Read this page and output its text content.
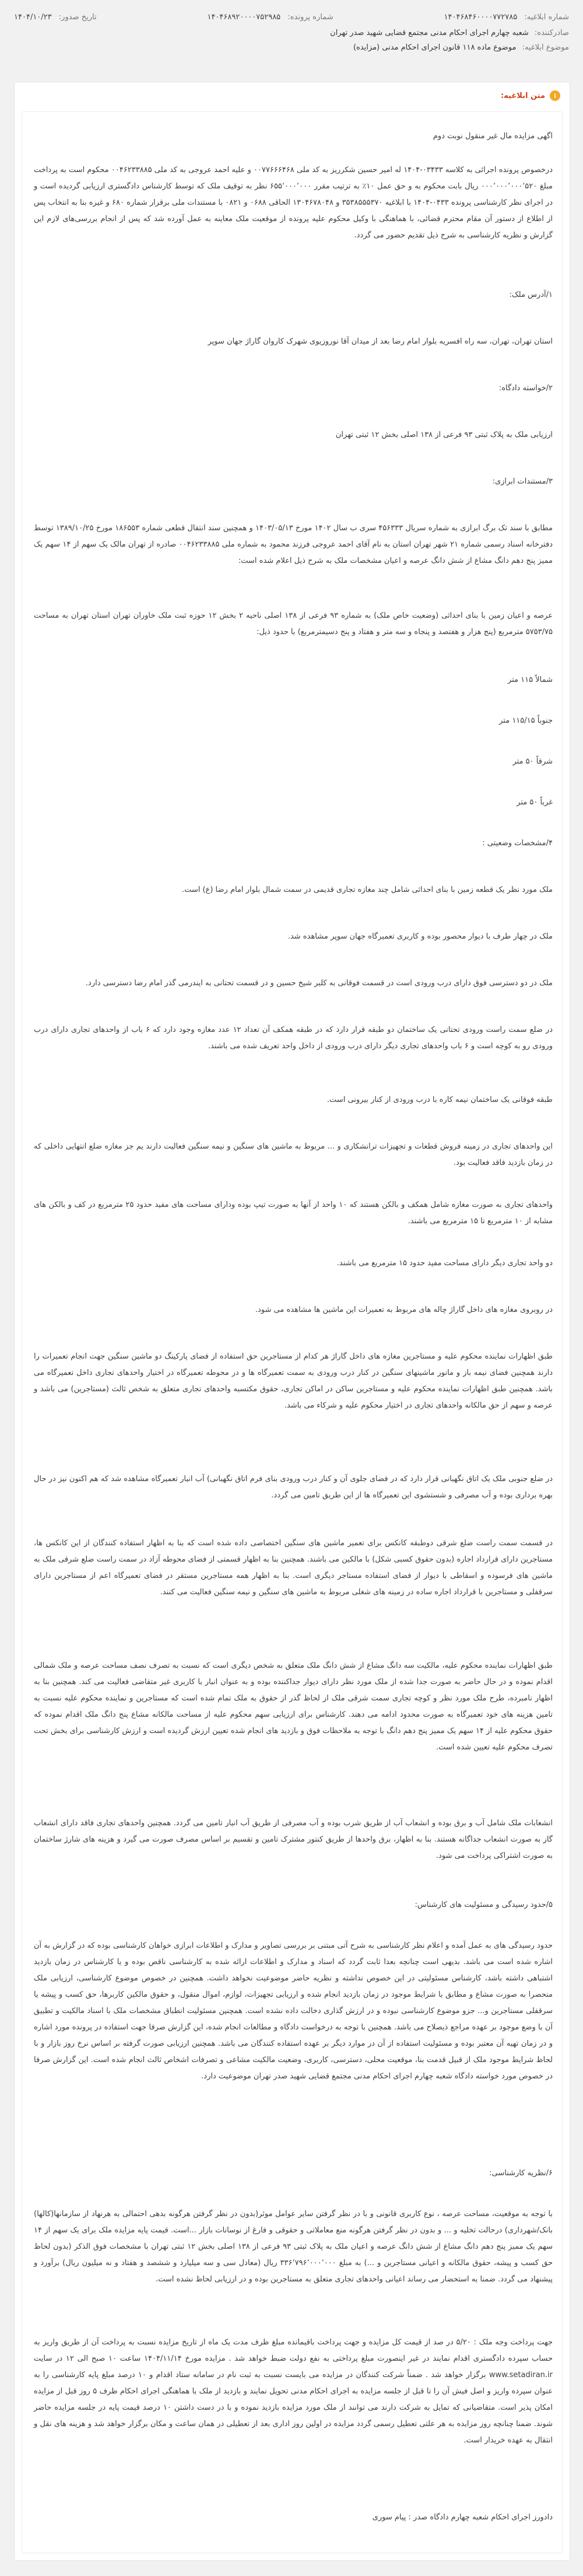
شماره ابلاغیه: ۱۴۰۴۶۸۴۶۰۰۰۰۷۷۲۷۸۵
شماره پرونده: ۱۴۰۴۶۸۹۲۰۰۰۰۷۵۲۹۸۵
تاریخ صدور: ۱۴۰۴/۱۰/۲۳
صادرکننده: شعبه چهارم اجرای احکام مدنی مجتمع قضایی شهید صدر تهران
موضوع ابلاغیه: موضوع ماده ۱۱۸ قانون اجرای احکام مدنی (مزایده)
i
متن ابلاغیه:
اگهی مزایده مال غیر منقول نوبت دوم
درخصوص پرونده اجرائی به کلاسه ۰۳۴۳۳-۱۴۰۴ له امیر حسین شکرریز به کد ملی ۰۰۷۷۶۶۶۴۶۸ و علیه احمد عروجی به کد ملی ۰۰۴۶۲۳۳۸۸۵ محکوم است به پرداخت مبلغ ۰۰۰٬۰۰۰٬۰۰۰٬۵۲۰ ریال بابت محکوم به و حق عمل ۱۰٪ به ترتیب مقرر ۶۵۵٬۰۰۰٬۰۰۰ نظر به توقیف ملک که توسط کارشناس دادگستری ارزیابی گردیده است و در اجرای نظر کارشناسی پرونده ۰۴۳۳-۱۴۰۴ با ابلاغیه ۳۵۳۸۵۵۵۳۷۰ و ۱۳۰۴۶۷۸۰۴۸ الحاقی ۰۶۸۸ و ۰۸۲۱ با مستندات ملی برقرار شماره ۶۸۰ و غیره بنا به انتخاب پس از اطلاع از دستور آن مقام محترم قضائی، با هماهنگی با وکیل محکوم علیه پرونده از موقعیت ملک معاینه به عمل آورده شد که پس از انجام بررسی‌های لازم این گزارش و نظریه کارشناسی به شرح ذیل تقدیم حضور می گردد.
۱/آدرس ملک:
استان تهران، تهران، سه راه افسریه بلوار امام رضا بعد از میدان آقا نوروزیوی شهرک کاروان گاراژ جهان سوپر
۲/خواسته دادگاه:
ارزیابی ملک به پلاک ثبتی ۹۳ فرعی از ۱۳۸ اصلی بخش ۱۲ ثبتی تهران
۳/مستندات ابرازی:
مطابق با سند تک برگ ابرازی به شماره سریال ۴۵۶۳۳۳ سری ب سال ۱۴۰۲ مورخ ۱۴۰۳/۰۵/۱۳ و همچنین سند انتقال قطعی شماره ۱۸۶۵۵۳ مورخ ۱۳۸۹/۱۰/۲۵ توسط دفترخانه اسناد رسمی شماره ۲۱ شهر تهران استان به نام آقای احمد عروجی فرزند محمود به شماره ملی ۰۰۴۶۲۳۳۸۸۵ صادره از تهران مالک یک سهم از ۱۴ سهم یک ممیز پنج دهم دانگ مشاع از شش دانگ عرصه و اعیان مشخصات ملک به شرح ذیل اعلام شده است:
عرصه و اعیان زمین با بنای احداثی (وضعیت خاص ملک) به شماره ۹۳ فرعی از ۱۳۸ اصلی ناحیه ۲ بخش ۱۲ حوزه ثبت ملک خاوران تهران استان تهران به مساحت ۵۷۵۳/۷۵ مترمربع (پنج هزار و هفتصد و پنجاه و سه متر و هفتاد و پنج دسیمترمربع) با حدود ذیل:
شمالاً ۱۱۵ متر
جنوباً ۱۱۵/۱۵ متر
شرقاً ۵۰ متر
غرباً ۵۰ متر
۴/مشخصات وضعیتی :
ملک مورد نظر یک قطعه زمین با بنای احداثی شامل چند مغازه تجاری قدیمی در سمت شمال بلوار امام رضا (ع) است.
ملک در چهار طرف با دیوار محصور بوده و کاربری تعمیرگاه جهان سوپر مشاهده شد.
ملک در دو دسترسی فوق دارای درب ورودی است در قسمت فوقانی به کلبر شیخ حسین و در قسمت تحتانی به ایندرمی گذر امام رضا دسترسی دارد.
در ضلع سمت راست ورودی تحتانی یک ساختمان دو طبقه قرار دارد که در طبقه همکف آن تعداد ۱۲ عدد مغازه وجود دارد که ۶ باب از واحدهای تجاری دارای درب ورودی رو به کوچه است و ۶ باب واحدهای تجاری دیگر دارای درب ورودی از داخل واحد تعریف شده می باشند.
طبقه فوقانی یک ساختمان نیمه کاره با درب ورودی از کنار بیرونی است.
این واحدهای تجاری در زمینه فروش قطعات و تجهیزات ترانشکاری و ... مربوط به ماشین های سنگین و نیمه سنگین فعالیت دارند یم جز مغازه ضلع انتهایی داخلی که در زمان بازدید فاقد فعالیت بود.
واحدهای تجاری به صورت مغازه شامل همکف و بالکن هستند که ۱۰ واحد از آنها به صورت تیپ بوده ودارای مساحت های مفید حدود ۲۵ مترمربع در کف و بالکن های مشابه از ۱۰ مترمربع تا ۱۵ مترمربع می باشند.
دو واحد تجاری دیگر دارای مساحت مفید حدود ۱۵ مترمربع می باشند.
در روبروی مغازه های داخل گاراژ چاله های مربوط به تعمیرات این ماشین ها مشاهده می شود.
طبق اظهارات نماینده محکوم علیه و مستاجرین مغازه های داخل گاراژ هر کدام از مستاجرین حق استفاده از فضای پارکینگ دو ماشین سنگین جهت انجام تعمیرات را دارند همچنین فضای نیمه باز و مانور ماشینهای سنگین در کنار درب ورودی به سمت تعمیرگاه ها و در محوطه تعمیرگاه در اختیار واحدهای تجاری داخل تعمیرگاه می باشد. همچنین طبق اظهارات نماینده محکوم علیه و مستاجرین ساکن در اماکن تجاری، حقوق مکتسبه واحدهای تجاری متعلق به شخص ثالث (مستاجرین) می باشد و عرصه و سهم از حق مالکانه واحدهای تجاری در اختیار محکوم علیه و شرکاء می باشد.
در ضلع جنوبی ملک یک اتاق نگهبانی قرار دارد که در فضای جلوی آن و کنار درب ورودی بنای فرم اتاق نگهبانی) آب انبار تعمیرگاه مشاهده شد که هم اکنون نیز در حال بهره برداری بوده و آب مصرفی و شستشوی این تعمیرگاه ها از این طریق تامین می گردد.
در قسمت سمت راست ضلع شرقی دوطبقه کانکس برای تعمیر ماشین های سنگین اختصاصی داده شده است که بنا به اظهار استفاده کنندگان از این کانکس ها، مستاجرین دارای قرارداد اجاره (بدون حقوق کسبی شکل) با مالکین می باشند. همچنین بنا به اظهار قسمتی از فضای محوطه آزاد در سمت راست ضلع شرقی ملک به ماشین های فرسوده و اسقاطی با دیوار از فضای استفاده مستاجر دیگری است. بنا به اظهار همه مستاجرین مستقر در فضای تعمیرگاه اعم از مستاجرین دارای سرقفلی و مستاجرین با قرارداد اجاره ساده در زمینه های شغلی مربوط به ماشین های سنگین و نیمه سنگین فعالیت می کنند.
طبق اظهارات نماینده محکوم علیه، مالکیت سه دانگ مشاع از شش دانگ ملک متعلق به شخص دیگری است که نسبت به تصرف نصف مساحت عرصه و ملک شمالی اقدام نموده و در حال حاضر به صورت جدا شده از ملک مورد نظر دارای دیوار جداکننده بوده و به عنوان انبار با کاربری غیر متقاضی فعالیت می کند. همچنین بنا به اظهار نامبرده، طرح ملک مورد نظر و کوچه تجاری سمت شرقی ملک از لحاظ گذر از حقوق به ملک تمام شده است که مستاجرین و نماینده محکوم علیه نسبت به تامین هزینه های خود تعمیرگاه به صورت محدود ادامه می دهند. کارشناس برای ارزیابی سهم محکوم علیه از مساحت مالکانه مشاع پنج دانگ ملک اقدام نموده که حقوق محکوم علیه از ۱۴ سهم یک ممیز پنج دهم دانگ با توجه به ملاحظات فوق و بازدید های انجام شده تعیین ارزش گردیده است و ارزش کارشناسی برای بخش تحت تصرف محکوم علیه تعیین شده است.
انشعابات ملک شامل آب و برق بوده و انشعاب آب از طریق شرب بوده و آب مصرفی از طریق آب انبار تامین می گردد. همچنین واحدهای تجاری فاقد دارای انشعاب گاز به صورت انشعاب جداگانه هستند. بنا به اظهار، برق واحدها از طریق کنتور مشترک تامین و تقسیم بر اساس مصرف صورت می گیرد و هزینه های شارژ ساختمان به صورت اشتراکی پرداخت می شود.
۵/حدود رسیدگی و مسئولیت های کارشناس:
حدود رسیدگی های به عمل آمده و اعلام نظر کارشناسی به شرح آتی مبتنی بر بررسی تصاویر و مدارک و اطلاعات ابرازی خواهان کارشناسی بوده که در گزارش به آن اشاره شده است می باشد. بدیهی است چنانچه بعدا ثابت گردد که اسناد و مدارک و اطلاعات ارائه شده به کارشناسی ناقص بوده و یا کارشناس در زمان بازدید اشتباهی داشته باشد، کارشناس مسئولیتی در این خصوص نداشته و نظریه حاضر موضوعیت نخواهد داشت. همچنین در خصوص موضوع کارشناسی، ارزیابی ملک منحصرا به صورت مشاع و مطابق با شرایط موجود در زمان بازدید انجام شده و ارزیابی تجهیزات، لوازم، اموال منقول، و حقوق مالکین کاربرها، حق کسب و پیشه یا سرقفلی مستاجرین و... جزو موضوع کارشناسی نبوده و در ارزش گذاری دخالت داده نشده است. همچنین مسئولیت انطباق مشخصات ملک با اسناد مالکیت و تطبیق آن با وضع موجود بر عهده مراجع ذیصلاح می باشد. همچنین با توجه به درخواست دادگاه و مطالعات انجام شده، این گزارش صرفا جهت استفاده در پرونده مورد اشاره و در زمان تهیه آن معتبر بوده و مسئولیت استفاده از آن در موارد دیگر بر عهده استفاده کنندگان می باشد. همچنین ارزیابی صورت گرفته بر اساس نرخ روز بازار و با لحاظ شرایط موجود ملک از قبیل قدمت بنا، موقعیت محلی، دسترسی، کاربری، وضعیت مالکیت مشاعی و تصرفات اشخاص ثالث انجام شده است. این گزارش صرفا در خصوص مورد خواسته دادگاه شعبه چهارم اجرای احکام مدنی مجتمع قضایی شهید صدر تهران موضوعیت دارد.
۶/نظریه کارشناسی:
با توجه به موقعیت، مساحت عرصه ، نوع کاربری قانونی و با در نظر گرفتن سایر عوامل موثر(بدون در نظر گرفتن هرگونه بدهی احتمالی به هرنهاد از سازمانها(کالها) بانک/شهرداری) درحالت تخلیه و ... و بدون در نظر گرفتن هرگونه منع معاملاتی و حقوقی و فارغ از نوسانات بازار ...است. قیمت پایه مزایده ملک برای یک سهم از ۱۴ سهم یک ممیز پنج دهم دانگ مشاع از شش دانگ عرصه و اعیان ملک به پلاک ثبتی ۹۳ فرعی از ۱۳۸ اصلی بخش ۱۲ ثبتی تهران با مشخصات فوق الذکر (بدون لحاظ حق کسب و پیشه، حقوق مالکانه و اعیانی مستاجرین و ...) به مبلغ ۳۳۶٬۷۹۶٬۰۰۰٬۰۰۰ ریال (معادل سی و سه میلیارد و ششصد و هفتاد و نه میلیون ریال) برآورد و پیشنهاد می گردد. ضمنا به استحضار می رساند اعیانی واحدهای تجاری متعلق به مستاجرین بوده و در ارزیابی لحاظ نشده است.
جهت پرداخت وجه ملک : ۵/۲۰ در صد از قیمت کل مزایده و جهت پرداخت باقیمانده مبلغ ظرف مدت یک ماه از تاریخ مزایده نسبت به پرداخت آن از طریق واریز به حساب سپرده دادگستری اقدام نمایند در غیر اینصورت مبلغ پرداختی به نفع دولت ضبط خواهد شد . مزایده مورخ ۱۴۰۴/۱۱/۱۴ ساعت ۱۰ صبح الی ۱۲ در سایت www.setadiran.ir برگزار خواهد شد . ضمناً شرکت کنندگان در مزایده می بایست نسبت به ثبت نام در سامانه ستاد اقدام و ۱۰ درصد مبلغ پایه کارشناسی را به عنوان سپرده واریز و اصل فیش آن را تا قبل از جلسه مزایده به اجرای احکام مدنی تحویل نمایند و بازدید از ملک با هماهنگی اجرای احکام ظرف ۵ روز قبل از مزایده امکان پذیر است. متقاضیانی که تمایل به شرکت دارند می توانند از ملک مورد مزایده بازدید نموده و با در دست داشتن ۱۰ درصد قیمت پایه در جلسه مزایده حاضر شوند. ضمنا چنانچه روز مزایده به هر علتی تعطیل رسمی گردد مزایده در اولین روز اداری بعد از تعطیلی در همان ساعت و مکان برگزار خواهد شد و هزینه های نقل و انتقال به عهده خریدار است.
دادورز اجرای احکام شعبه چهارم دادگاه صدر : پیام سوری
